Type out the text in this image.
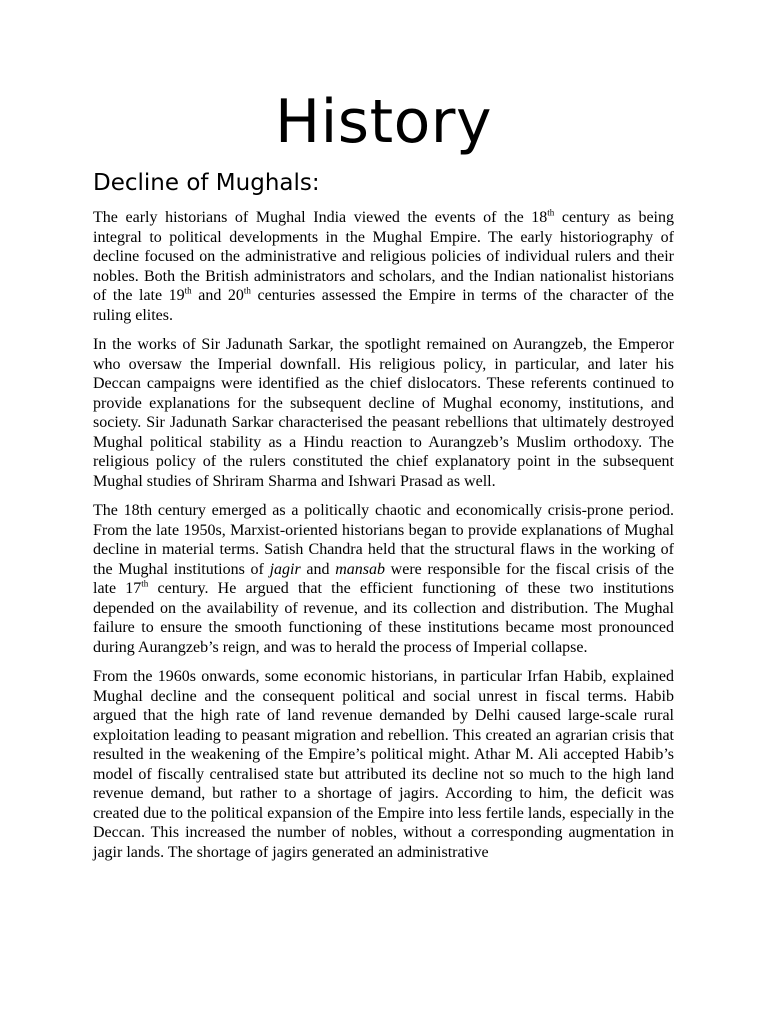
History
Decline of Mughals:

The early historians of Mughal India viewed the events of the 18th century as being integral to political developments in the Mughal Empire. The early historiography of decline focused on the administrative and religious policies of individual rulers and their nobles. Both the British administrators and scholars, and the Indian nationalist historians of the late 19th and 20th centuries assessed the Empire in terms of the character of the ruling elites.

In the works of Sir Jadunath Sarkar, the spotlight remained on Aurangzeb, the Emperor who oversaw the Imperial downfall. His religious policy, in particular, and later his Deccan campaigns were identified as the chief dislocators. These referents continued to provide explanations for the subsequent decline of Mughal economy, institutions, and society. Sir Jadunath Sarkar characterised the peasant rebellions that ultimately destroyed Mughal political stability as a Hindu reaction to Aurangzeb’s Muslim orthodoxy. The religious policy of the rulers constituted the chief explanatory point in the subsequent Mughal studies of Shriram Sharma and Ishwari Prasad as well.

The 18th century emerged as a politically chaotic and economically crisis-prone period. From the late 1950s, Marxist-oriented historians began to provide explanations of Mughal decline in material terms. Satish Chandra held that the structural flaws in the working of the Mughal institutions of jagir and mansab were responsible for the fiscal crisis of the late 17th century. He argued that the efficient functioning of these two institutions depended on the availability of revenue, and its collection and distribution. The Mughal failure to ensure the smooth functioning of these institutions became most pronounced during Aurangzeb’s reign, and was to herald the process of Imperial collapse.

From the 1960s onwards, some economic historians, in particular Irfan Habib, explained Mughal decline and the consequent political and social unrest in fiscal terms. Habib argued that the high rate of land revenue demanded by Delhi caused large-scale rural exploitation leading to peasant migration and rebellion. This created an agrarian crisis that resulted in the weakening of the Empire’s political might. Athar M. Ali accepted Habib’s model of fiscally centralised state but attributed its decline not so much to the high land revenue demand, but rather to a shortage of jagirs. According to him, the deficit was created due to the political expansion of the Empire into less fertile lands, especially in the Deccan. This increased the number of nobles, without a corresponding augmentation in jagir lands. The shortage of jagirs generated an administrative
